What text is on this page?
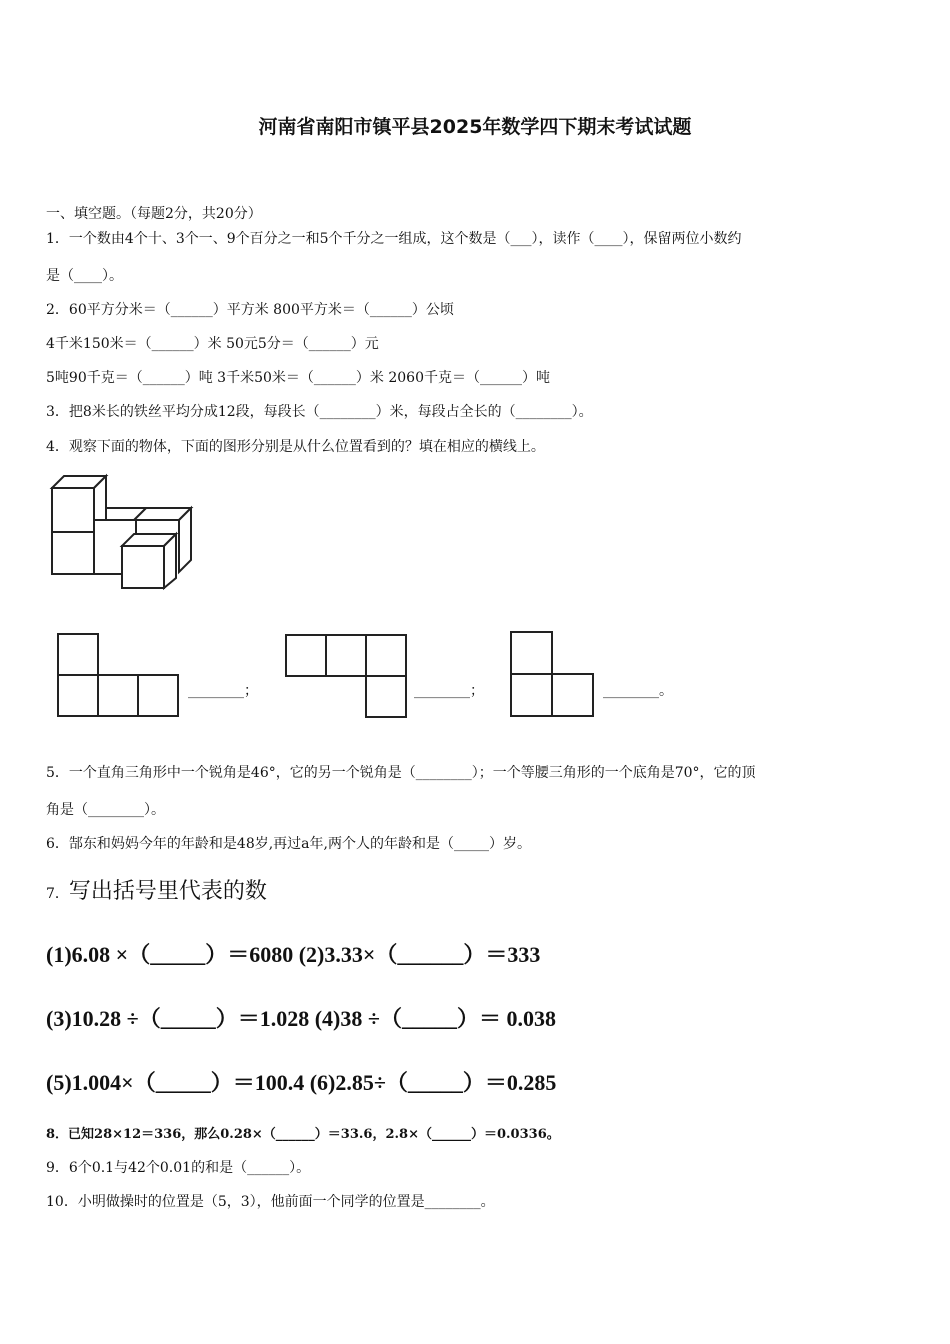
河南省南阳市镇平县2025年数学四下期末考试试题
一、填空题。（每题2分，共20分）
1．一个数由4个十、3个一、9个百分之一和5个千分之一组成，这个数是（___），读作（____），保留两位小数约
是（____）。
2．60平方分米＝（______）平方米 800平方米＝（______）公顷
4千米150米＝（______）米 50元5分＝（______）元
5吨90千克＝（______）吨 3千米50米＝（______）米 2060千克＝（______）吨
3．把8米长的铁丝平均分成12段，每段长（________）米，每段占全长的（________）。
4．观察下面的物体，下面的图形分别是从什么位置看到的？填在相应的横线上。
________；	________；	________。
5．一个直角三角形中一个锐角是46°，它的另一个锐角是（________）；一个等腰三角形的一个底角是70°，它的顶
角是（________）。
6．郜东和妈妈今年的年龄和是48岁,再过a年,两个人的年龄和是（_____）岁。
7．写出括号里代表的数
(1)6.08 ×（_____）＝6080 (2)3.33×（______）＝333
(3)10.28 ÷（_____）＝1.028 (4)38 ÷（_____）＝ 0.038
(5)1.004×（_____）＝100.4 (6)2.85÷（_____）＝0.285
8．已知28×12＝336，那么0.28×（______）＝33.6，2.8×（______）＝0.0336。
9．6个0.1与42个0.01的和是（______）。
10．小明做操时的位置是（5，3），他前面一个同学的位置是________。
